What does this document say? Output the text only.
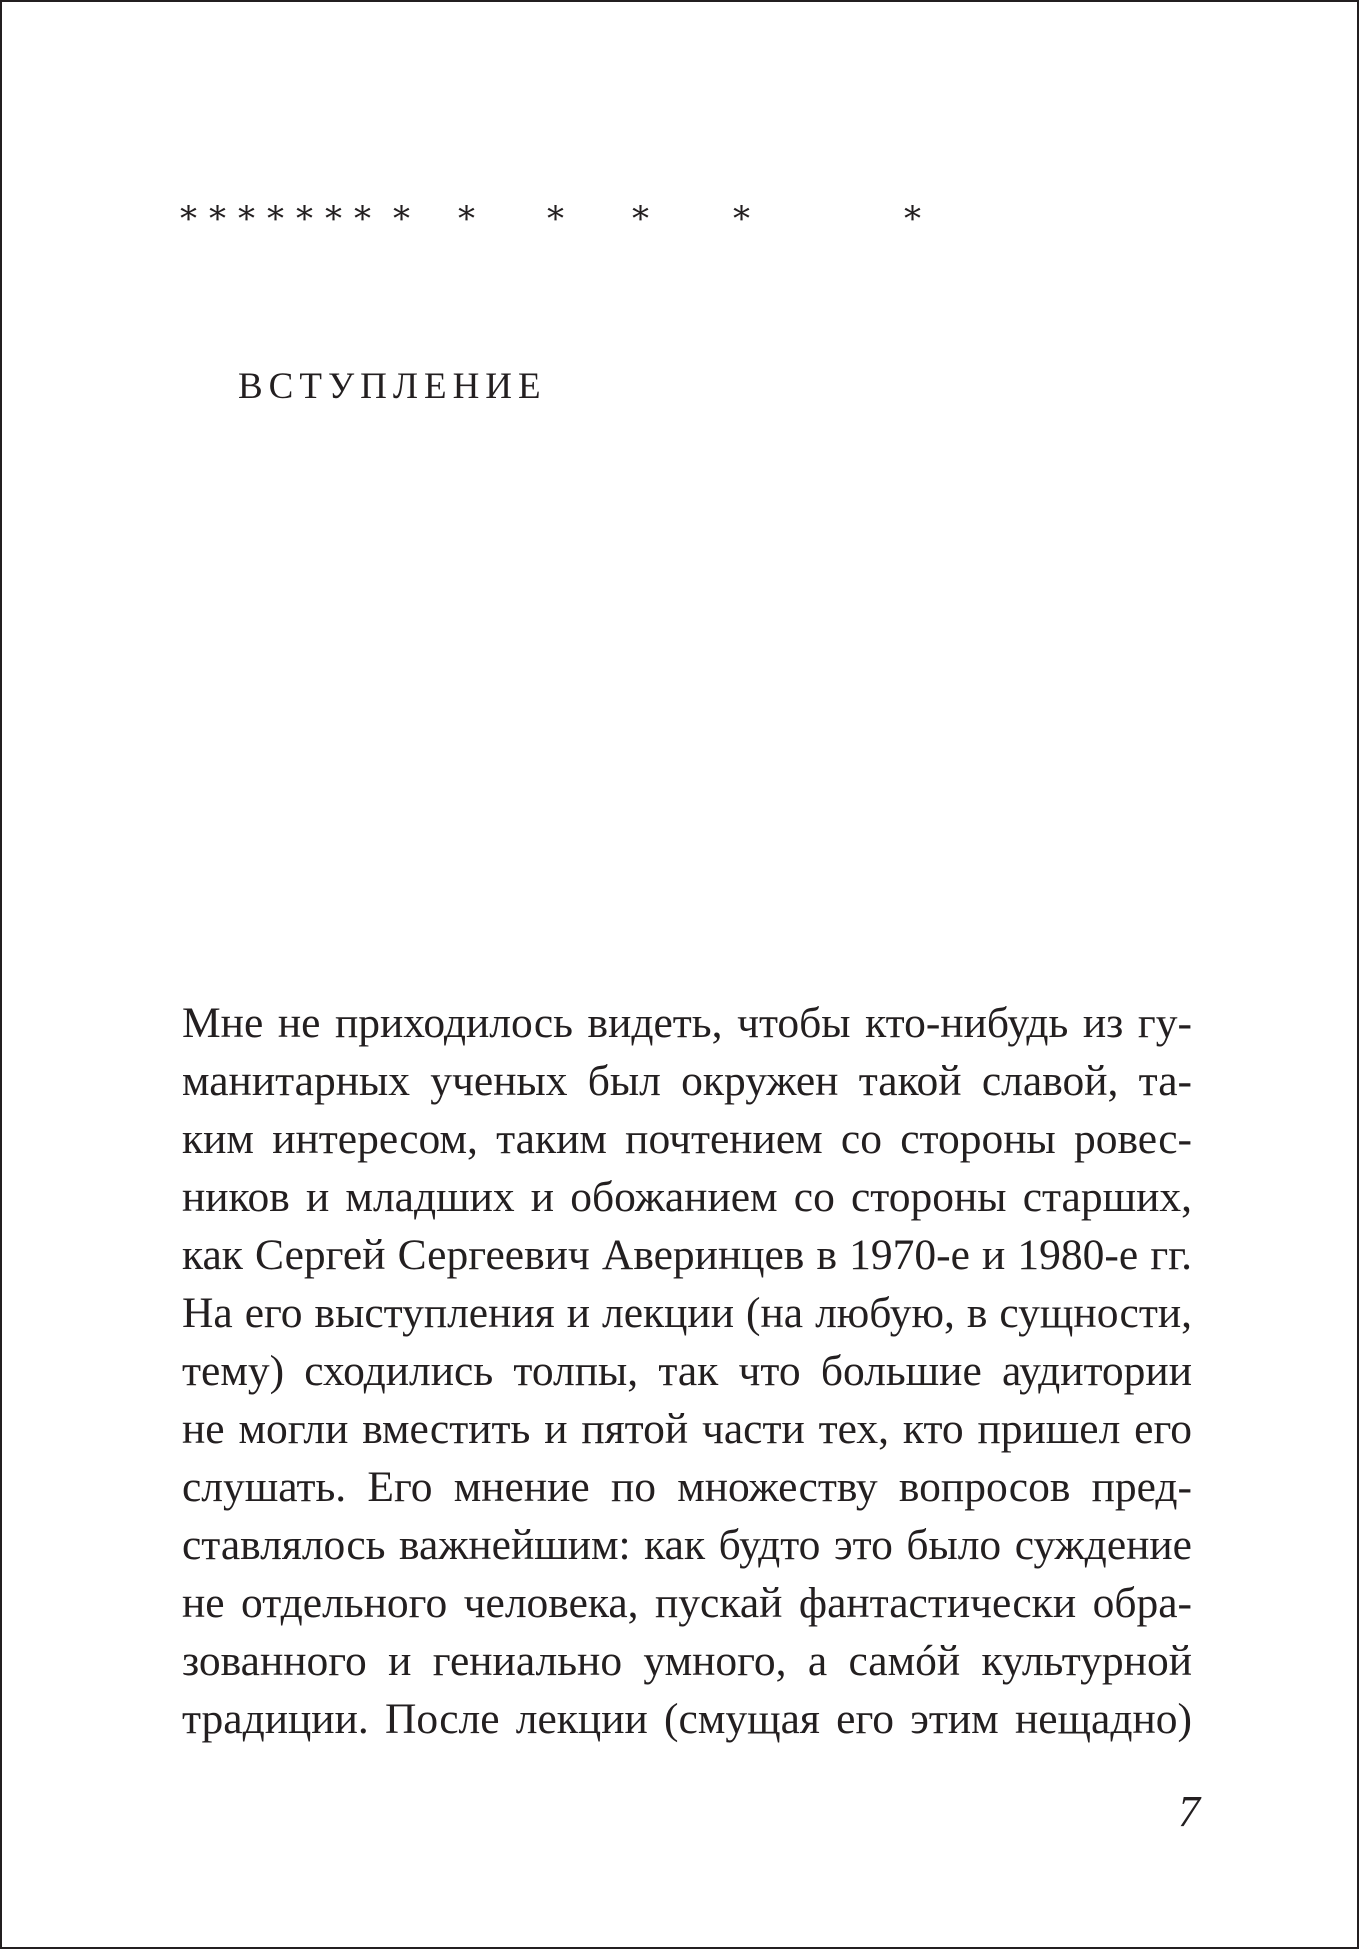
* * * * * * * * * * * *	*
ВСТУПЛЕНИЕ
Мне не приходилось видеть, чтобы кто-нибудь из гу-
манитарных ученых был окружен такой славой, та-
ким интересом, таким почтением со стороны ровес-
ников и младших и обожанием со стороны старших,
как Сергей Сергеевич Аверинцев в 1970-е и 1980-е гг.
На его выступления и лекции (на любую, в сущности,
тему) сходились толпы, так что большие аудитории
не могли вместить и пятой части тех, кто пришел его
слушать. Его мнение по множеству вопросов пред-
ставлялось важнейшим: как будто это было суждение
не отдельного человека, пускай фантастически обра-
зованного и гениально умного, а самóй культурной
традиции. После лекции (смущая его этим нещадно)
7
